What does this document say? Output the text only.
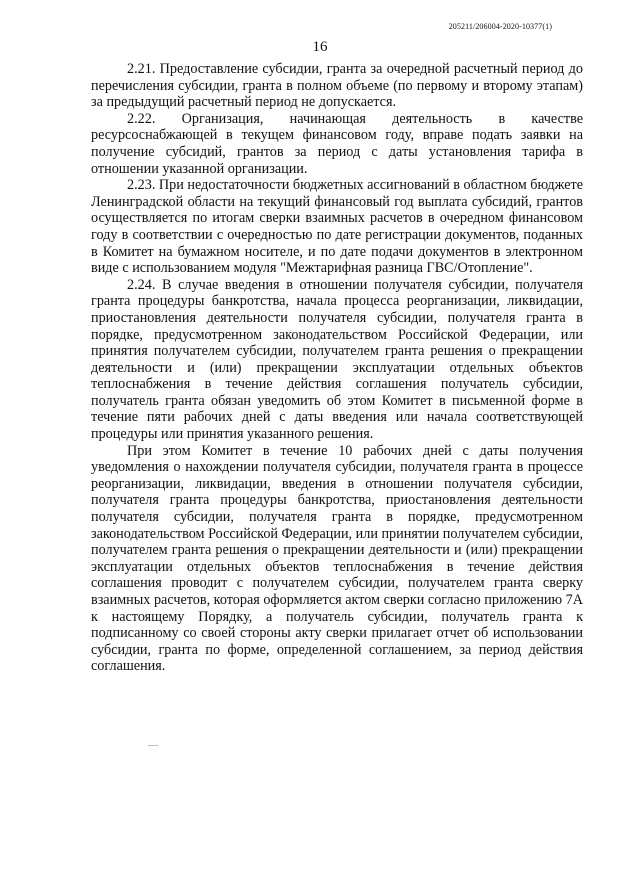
205211/206004-2020-10377(1)
16

2.21. Предоставление субсидии, гранта за очередной расчетный период до перечисления субсидии, гранта в полном объеме (по первому и второму этапам) за предыдущий расчетный период не допускается.

2.22. Организация, начинающая деятельность в качестве ресурсоснабжающей в текущем финансовом году, вправе подать заявки на получение субсидий, грантов за период с даты установления тарифа в отношении указанной организации.

2.23. При недостаточности бюджетных ассигнований в областном бюджете Ленинградской области на текущий финансовый год выплата субсидий, грантов осуществляется по итогам сверки взаимных расчетов в очередном финансовом году в соответствии с очередностью по дате регистрации документов, поданных в Комитет на бумажном носителе, и по дате подачи документов в электронном виде с использованием модуля "Межтарифная разница ГВС/Отопление".

2.24. В случае введения в отношении получателя субсидии, получателя гранта процедуры банкротства, начала процесса реорганизации, ликвидации, приостановления деятельности получателя субсидии, получателя гранта в порядке, предусмотренном законодательством Российской Федерации, или принятия получателем субсидии, получателем гранта решения о прекращении деятельности и (или) прекращении эксплуатации отдельных объектов теплоснабжения в течение действия соглашения получатель субсидии, получатель гранта обязан уведомить об этом Комитет в письменной форме в течение пяти рабочих дней с даты введения или начала соответствующей процедуры или принятия указанного решения.

При этом Комитет в течение 10 рабочих дней с даты получения уведомления о нахождении получателя субсидии, получателя гранта в процессе реорганизации, ликвидации, введения в отношении получателя субсидии, получателя гранта процедуры банкротства, приостановления деятельности получателя субсидии, получателя гранта в порядке, предусмотренном законодательством Российской Федерации, или принятии получателем субсидии, получателем гранта решения о прекращении деятельности и (или) прекращении эксплуатации отдельных объектов теплоснабжения в течение действия соглашения проводит с получателем субсидии, получателем гранта сверку взаимных расчетов, которая оформляется актом сверки согласно приложению 7А к настоящему Порядку, а получатель субсидии, получатель гранта к подписанному со своей стороны акту сверки прилагает отчет об использовании субсидии, гранта по форме, определенной соглашением, за период действия соглашения.
